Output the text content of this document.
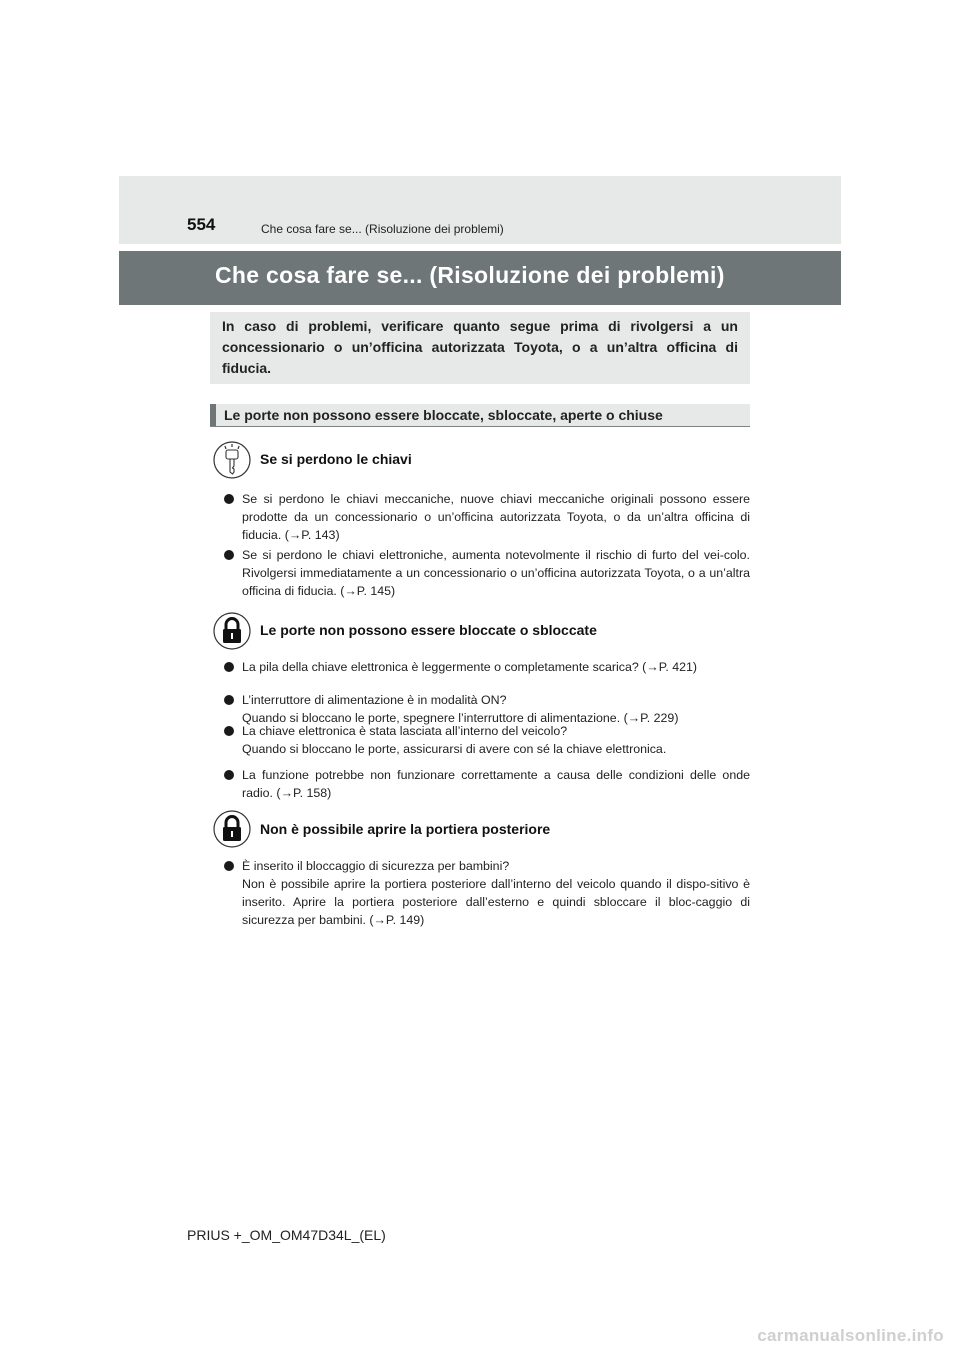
554	Che cosa fare se... (Risoluzione dei problemi)
Che cosa fare se... (Risoluzione dei problemi)

In caso di problemi, verificare quanto segue prima di rivolgersi a un concessionario o un’officina autorizzata Toyota, o a un’altra officina di fiducia.

Le porte non possono essere bloccate, sbloccate, aperte o chiuse
Se si perdono le chiavi
Se si perdono le chiavi meccaniche, nuove chiavi meccaniche originali possono essere prodotte da un concessionario o un’officina autorizzata Toyota, o da un’altra officina di fiducia. (→P. 143)
Se si perdono le chiavi elettroniche, aumenta notevolmente il rischio di furto del vei-colo. Rivolgersi immediatamente a un concessionario o un’officina autorizzata Toyota, o a un’altra officina di fiducia. (→P. 145)
Le porte non possono essere bloccate o sbloccate
La pila della chiave elettronica è leggermente o completamente scarica? (→P. 421)
L’interruttore di alimentazione è in modalità ON?
Quando si bloccano le porte, spegnere l’interruttore di alimentazione. (→P. 229)
La chiave elettronica è stata lasciata all’interno del veicolo?
Quando si bloccano le porte, assicurarsi di avere con sé la chiave elettronica.
La funzione potrebbe non funzionare correttamente a causa delle condizioni delle onde radio. (→P. 158)
Non è possibile aprire la portiera posteriore
È inserito il bloccaggio di sicurezza per bambini?
Non è possibile aprire la portiera posteriore dall’interno del veicolo quando il dispo-sitivo è inserito. Aprire la portiera posteriore dall’esterno e quindi sbloccare il bloc-caggio di sicurezza per bambini. (→P. 149)
PRIUS +_OM_OM47D34L_(EL)
carmanualsonline.info
